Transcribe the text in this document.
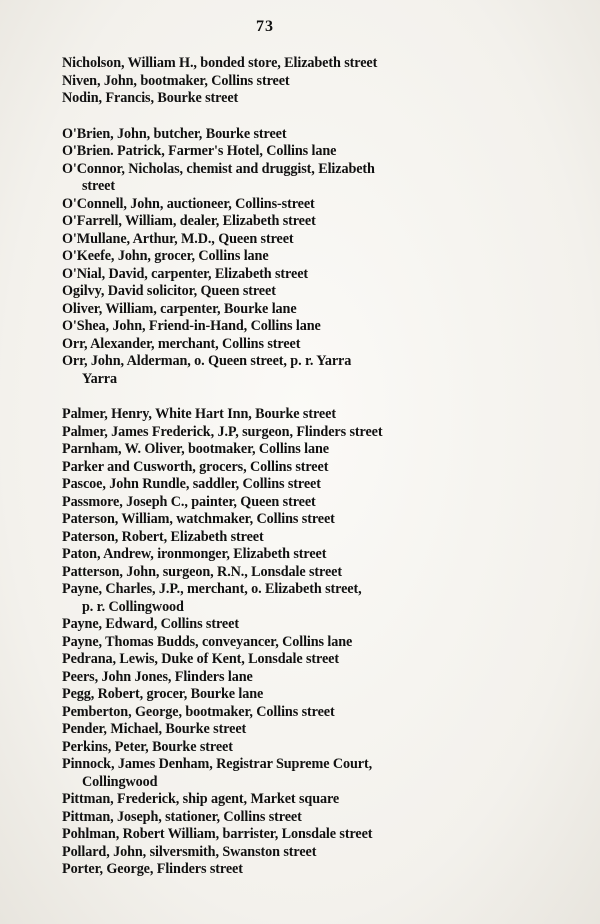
73
Nicholson, William H., bonded store, Elizabeth street
Niven, John, bootmaker, Collins street
Nodin, Francis, Bourke street
O'Brien, John, butcher, Bourke street
O'Brien. Patrick, Farmer's Hotel, Collins lane
O'Connor, Nicholas, chemist and druggist, Elizabeth
street
O'Connell, John, auctioneer, Collins-street
O'Farrell, William, dealer, Elizabeth street
O'Mullane, Arthur, M.D., Queen street
O'Keefe, John, grocer, Collins lane
O'Nial, David, carpenter, Elizabeth street
Ogilvy, David solicitor, Queen street
Oliver, William, carpenter, Bourke lane
O'Shea, John, Friend-in-Hand, Collins lane
Orr, Alexander, merchant, Collins street
Orr, John, Alderman, o. Queen street, p. r. Yarra
Yarra
Palmer, Henry, White Hart Inn, Bourke street
Palmer, James Frederick, J.P, surgeon, Flinders street
Parnham, W. Oliver, bootmaker, Collins lane
Parker and Cusworth, grocers, Collins street
Pascoe, John Rundle, saddler, Collins street
Passmore, Joseph C., painter, Queen street
Paterson, William, watchmaker, Collins street
Paterson, Robert, Elizabeth street
Paton, Andrew, ironmonger, Elizabeth street
Patterson, John, surgeon, R.N., Lonsdale street
Payne, Charles, J.P., merchant, o. Elizabeth street,
p. r. Collingwood
Payne, Edward, Collins street
Payne, Thomas Budds, conveyancer, Collins lane
Pedrana, Lewis, Duke of Kent, Lonsdale street
Peers, John Jones, Flinders lane
Pegg, Robert, grocer, Bourke lane
Pemberton, George, bootmaker, Collins street
Pender, Michael, Bourke street
Perkins, Peter, Bourke street
Pinnock, James Denham, Registrar Supreme Court,
Collingwood
Pittman, Frederick, ship agent, Market square
Pittman, Joseph, stationer, Collins street
Pohlman, Robert William, barrister, Lonsdale street
Pollard, John, silversmith, Swanston street
Porter, George, Flinders street
